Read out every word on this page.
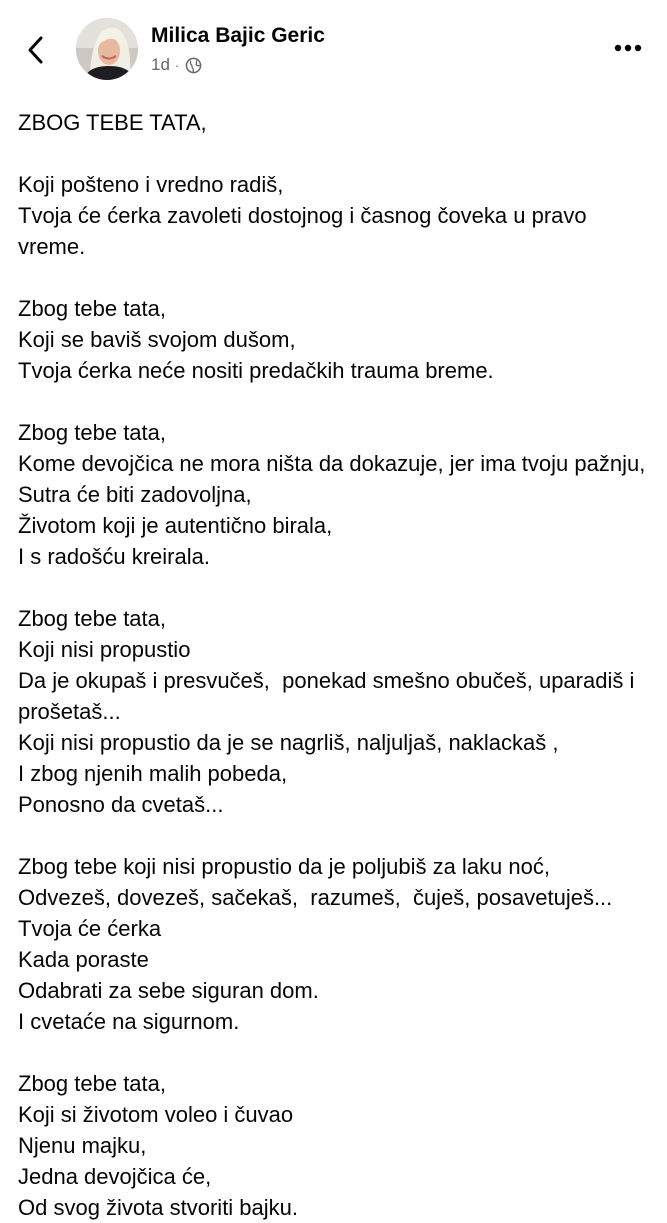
Milica Bajic Geric
1d ·
ZBOG TEBE TATA,
Koji pošteno i vredno radiš,
Tvoja će ćerka zavoleti dostojnog i časnog čoveka u pravo vreme.
Zbog tebe tata,
Koji se baviš svojom dušom,
Tvoja ćerka neće nositi predačkih trauma breme.
Zbog tebe tata,
Kome devojčica ne mora ništa da dokazuje, jer ima tvoju pažnju,
Sutra će biti zadovoljna,
Životom koji je autentično birala,
I s radošću kreirala.
Zbog tebe tata,
Koji nisi propustio
Da je okupaš i presvučeš,  ponekad smešno obučeš, uparadiš i prošetaš...
Koji nisi propustio da je se nagrliš, naljuljaš, naklackaš ,
I zbog njenih malih pobeda,
Ponosno da cvetaš...
Zbog tebe koji nisi propustio da je poljubiš za laku noć,
Odvezeš, dovezeš, sačekaš,  razumeš,  čuješ, posavetuješ...
Tvoja će ćerka
Kada poraste
Odabrati za sebe siguran dom.
I cvetaće na sigurnom.
Zbog tebe tata,
Koji si životom voleo i čuvao
Njenu majku,
Jedna devojčica će,
Od svog života stvoriti bajku.
